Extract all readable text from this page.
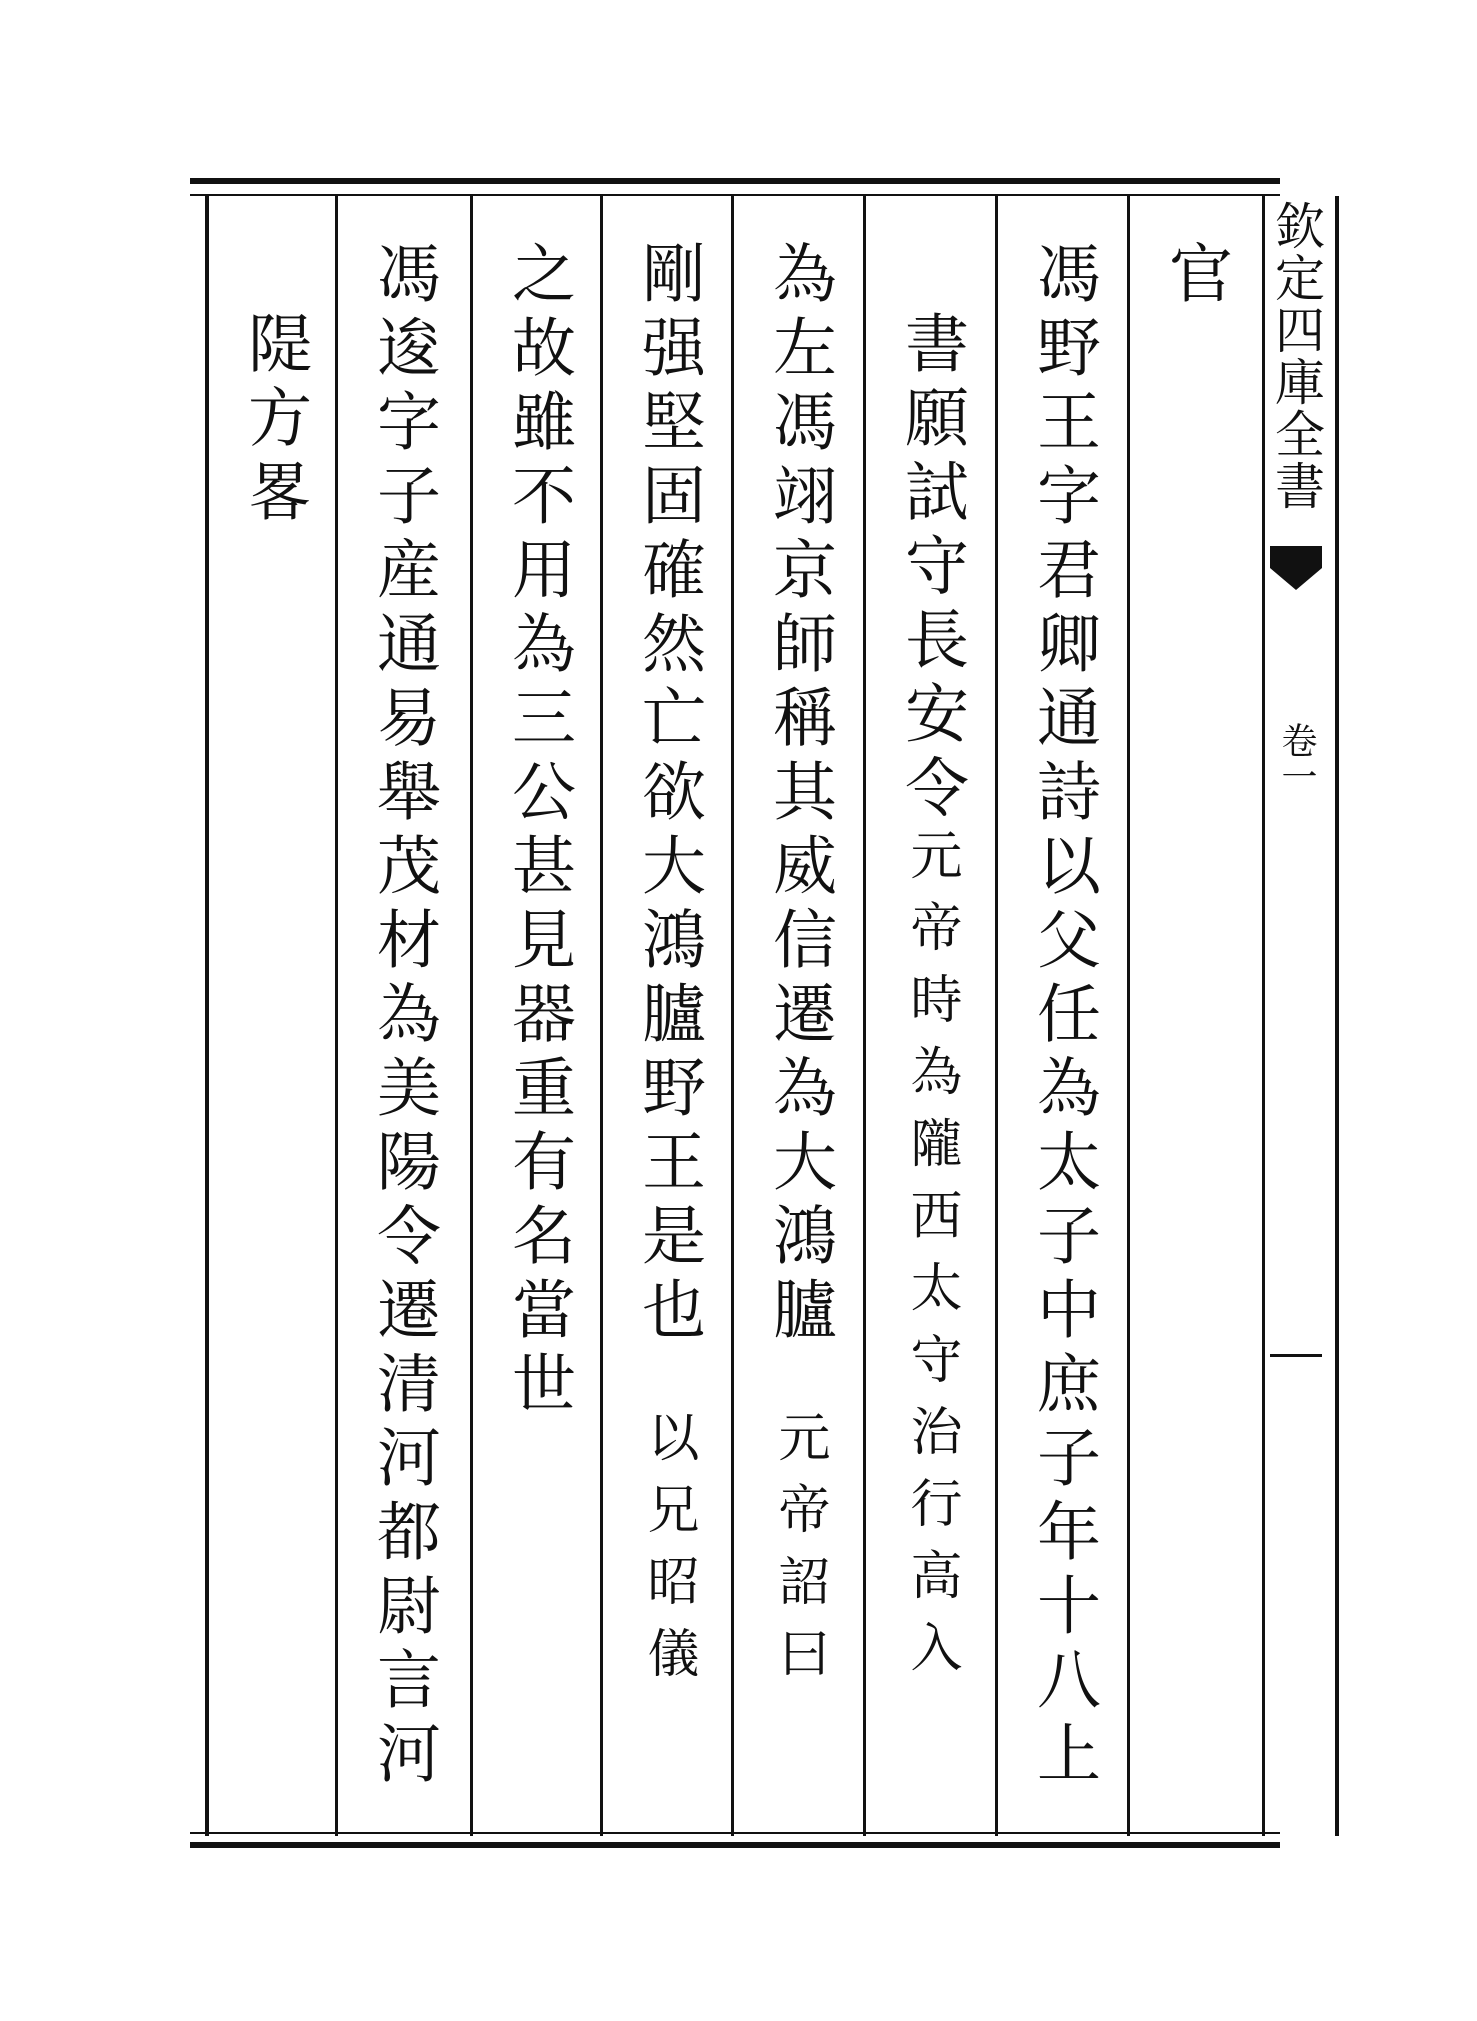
欽定四庫全書
卷一
官
馮野王字君卿通詩以父任為太子中庶子年十八上
書願試守長安令
元帝時為隴西太守治行高入
為左馮翊京師稱其威信遷為大鴻臚
元帝詔曰
剛强堅固確然亡欲大鴻臚野王是也
以兄昭儀
之故雖不用為三公甚見器重有名當世
馮逡字子産通易舉茂材為美陽令遷清河都尉言河
隄方畧
